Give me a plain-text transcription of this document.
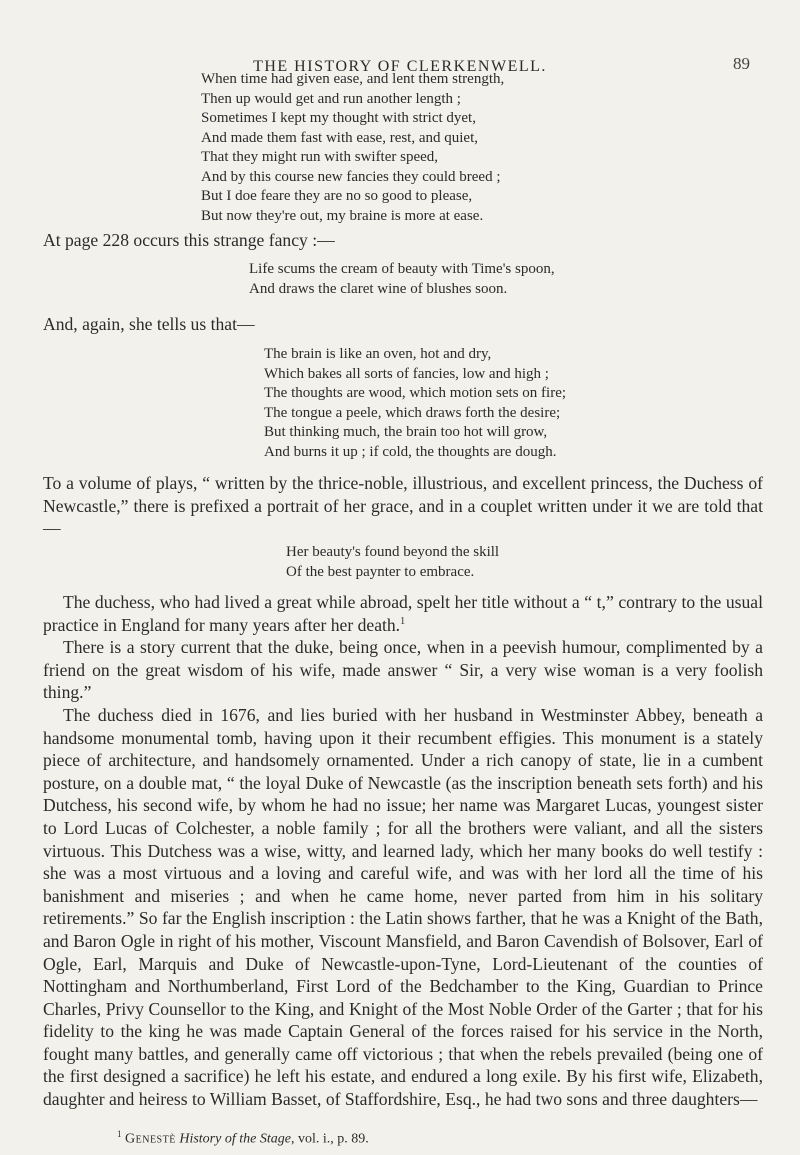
THE HISTORY OF CLERKENWELL.	89
When time had given ease, and lent them strength,
Then up would get and run another length ;
Sometimes I kept my thought with strict dyet,
And made them fast with ease, rest, and quiet,
That they might run with swifter speed,
And by this course new fancies they could breed ;
But I doe feare they are no so good to please,
But now they're out, my braine is more at ease.

At page 228 occurs this strange fancy :—

Life scums the cream of beauty with Time's spoon,
And draws the claret wine of blushes soon.

And, again, she tells us that—

The brain is like an oven, hot and dry,
Which bakes all sorts of fancies, low and high ;
The thoughts are wood, which motion sets on fire;
The tongue a peele, which draws forth the desire;
But thinking much, the brain too hot will grow,
And burns it up ; if cold, the thoughts are dough.

To a volume of plays, “ written by the thrice-noble, illustrious, and excellent princess, the Duchess of Newcastle,” there is prefixed a portrait of her grace, and in a couplet written under it we are told that—

Her beauty's found beyond the skill
Of the best paynter to embrace.

The duchess, who had lived a great while abroad, spelt her title without a “ t,” contrary to the usual practice in England for many years after her death.$^1$

There is a story current that the duke, being once, when in a peevish humour, complimented by a friend on the great wisdom of his wife, made answer “ Sir, a very wise woman is a very foolish thing.”

The duchess died in 1676, and lies buried with her husband in Westminster Abbey, beneath a handsome monumental tomb, having upon it their recumbent effigies. This monument is a stately piece of architecture, and handsomely ornamented. Under a rich canopy of state, lie in a cumbent posture, on a double mat, “ the loyal Duke of Newcastle (as the inscription beneath sets forth) and his Dutchess, his second wife, by whom he had no issue; her name was Margaret Lucas, youngest sister to Lord Lucas of Colchester, a noble family ; for all the brothers were valiant, and all the sisters virtuous. This Dutchess was a wise, witty, and learned lady, which her many books do well testify : she was a most virtuous and a loving and careful wife, and was with her lord all the time of his banishment and miseries ; and when he came home, never parted from him in his solitary retirements.” So far the English inscription : the Latin shows farther, that he was a Knight of the Bath, and Baron Ogle in right of his mother, Viscount Mansfield, and Baron Cavendish of Bolsover, Earl of Ogle, Earl, Marquis and Duke of Newcastle-upon-Tyne, Lord-Lieutenant of the counties of Nottingham and Northumberland, First Lord of the Bedchamber to the King, Guardian to Prince Charles, Privy Counsellor to the King, and Knight of the Most Noble Order of the Garter ; that for his fidelity to the king he was made Captain General of the forces raised for his service in the North, fought many battles, and generally came off victorious ; that when the rebels prevailed (being one of the first designed a sacrifice) he left his estate, and endured a long exile. By his first wife, Elizabeth, daughter and heiress to William Basset, of Staffordshire, Esq., he had two sons and three daughters—

$^1$ Genestè History of the Stage, vol. i., p. 89.
